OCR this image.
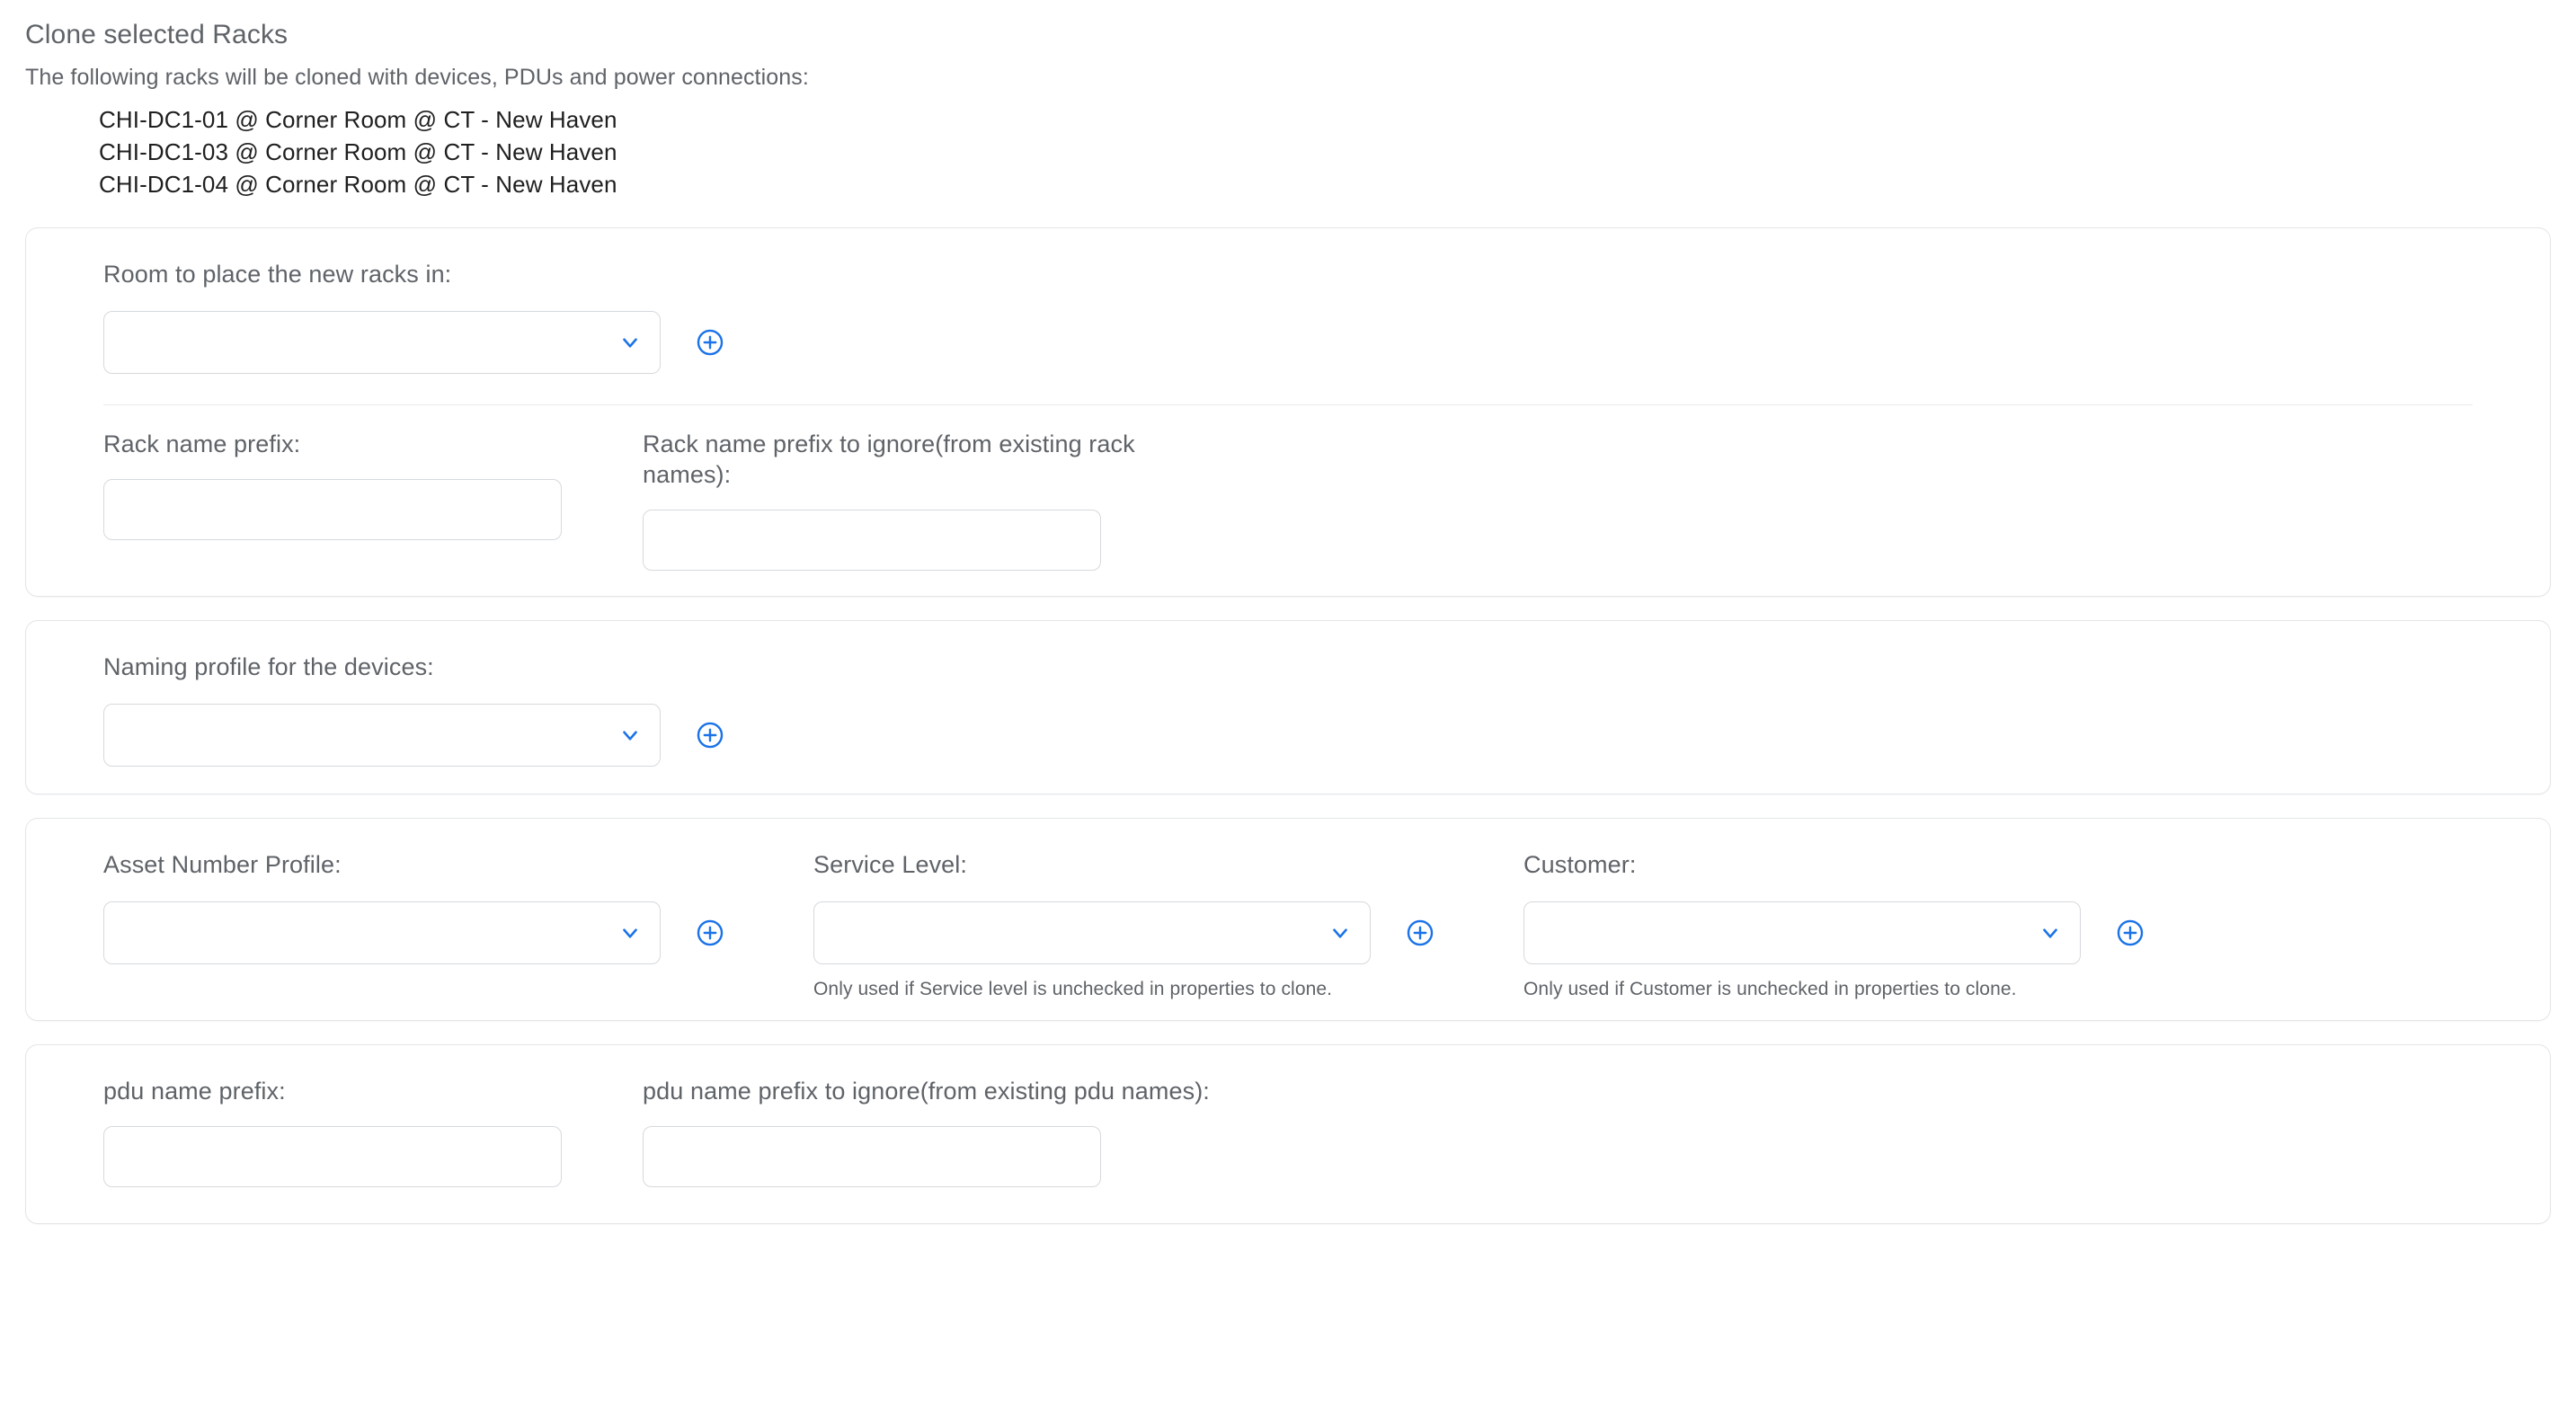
Clone selected Racks
The following racks will be cloned with devices, PDUs and power connections:
CHI-DC1-01 @ Corner Room @ CT - New Haven
CHI-DC1-03 @ Corner Room @ CT - New Haven
CHI-DC1-04 @ Corner Room @ CT - New Haven
Room to place the new racks in:
Rack name prefix:	Rack name prefix to ignore(from existing rack names):
Naming profile for the devices:
Asset Number Profile:	Service Level:
Only used if Service level is unchecked in properties to clone.
Customer:
Only used if Customer is unchecked in properties to clone.
pdu name prefix:	pdu name prefix to ignore(from existing pdu names):
